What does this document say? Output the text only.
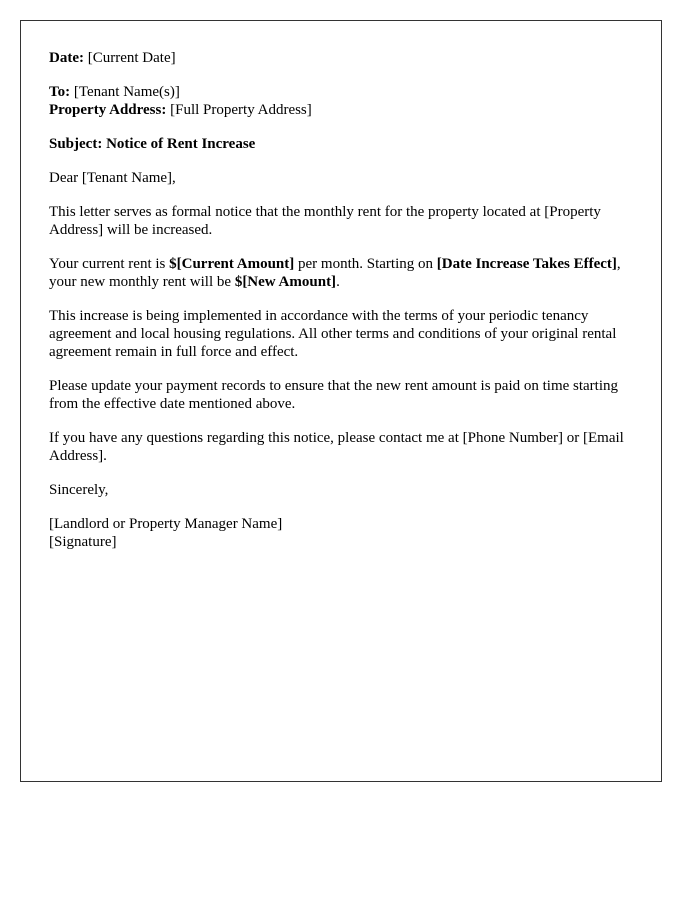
Date: [Current Date]

To: [Tenant Name(s)]
Property Address: [Full Property Address]

Subject: Notice of Rent Increase

Dear [Tenant Name],

This letter serves as formal notice that the monthly rent for the property located at [Property Address] will be increased.

Your current rent is $[Current Amount] per month. Starting on [Date Increase Takes Effect], your new monthly rent will be $[New Amount].

This increase is being implemented in accordance with the terms of your periodic tenancy agreement and local housing regulations. All other terms and conditions of your original rental agreement remain in full force and effect.

Please update your payment records to ensure that the new rent amount is paid on time starting from the effective date mentioned above.

If you have any questions regarding this notice, please contact me at [Phone Number] or [Email Address].

Sincerely,

[Landlord or Property Manager Name]
[Signature]
